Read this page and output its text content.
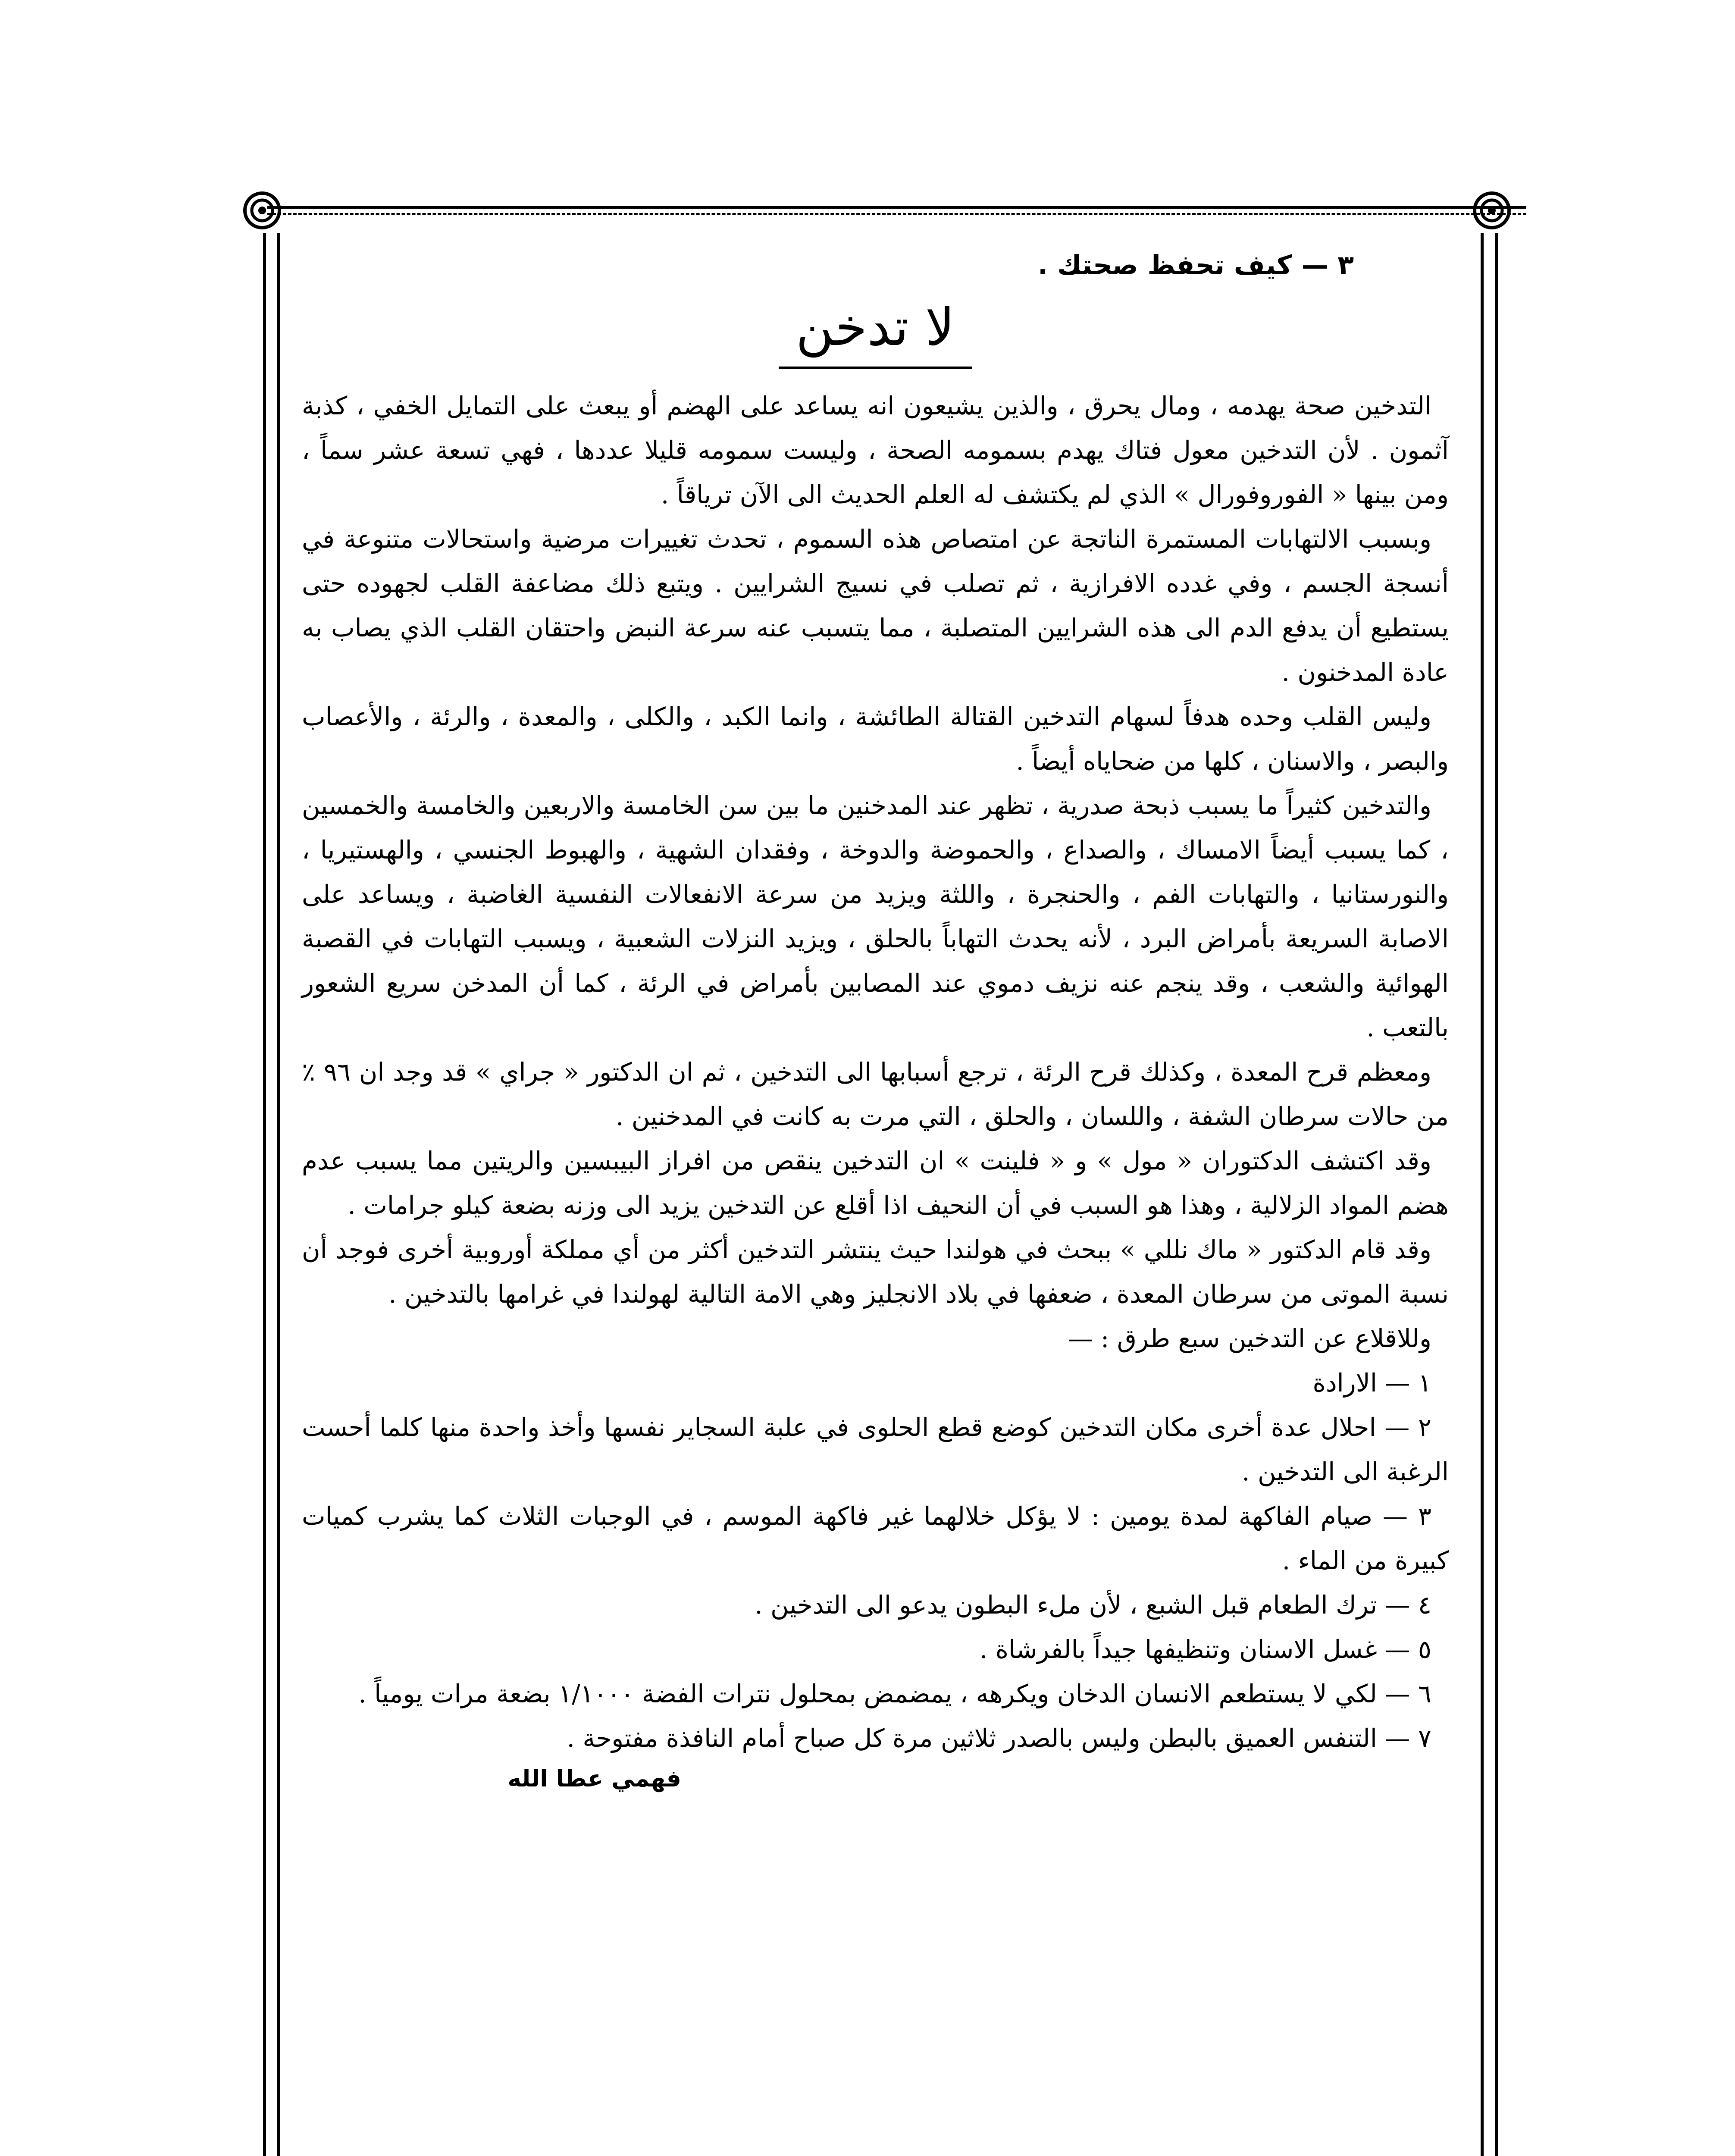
٣ — كيف تحفظ صحتك .
لا تدخن

التدخين صحة يهدمه ، ومال يحرق ، والذين يشيعون انه يساعد على الهضم أو يبعث على التمايل الخفي ، كذبة آثمون . لأن التدخين معول فتاك يهدم بسمومه الصحة ، وليست سمومه قليلا عددها ، فهي تسعة عشر سماً ، ومن بينها « الفوروفورال » الذي لم يكتشف له العلم الحديث الى الآن ترياقاً .

وبسبب الالتهابات المستمرة الناتجة عن امتصاص هذه السموم ، تحدث تغييرات مرضية واستحالات متنوعة في أنسجة الجسم ، وفي غدده الافرازية ، ثم تصلب في نسيج الشرايين . ويتبع ذلك مضاعفة القلب لجهوده حتى يستطيع أن يدفع الدم الى هذه الشرايين المتصلبة ، مما يتسبب عنه سرعة النبض واحتقان القلب الذي يصاب به عادة المدخنون .

وليس القلب وحده هدفاً لسهام التدخين القتالة الطائشة ، وانما الكبد ، والكلى ، والمعدة ، والرئة ، والأعصاب والبصر ، والاسنان ، كلها من ضحاياه أيضاً .

والتدخين كثيراً ما يسبب ذبحة صدرية ، تظهر عند المدخنين ما بين سن الخامسة والاربعين والخامسة والخمسين ، كما يسبب أيضاً الامساك ، والصداع ، والحموضة والدوخة ، وفقدان الشهية ، والهبوط الجنسي ، والهستيريا ، والنورستانيا ، والتهابات الفم ، والحنجرة ، واللثة ويزيد من سرعة الانفعالات النفسية الغاضبة ، ويساعد على الاصابة السريعة بأمراض البرد ، لأنه يحدث التهاباً بالحلق ، ويزيد النزلات الشعبية ، ويسبب التهابات في القصبة الهوائية والشعب ، وقد ينجم عنه نزيف دموي عند المصابين بأمراض في الرئة ، كما أن المدخن سريع الشعور بالتعب .

ومعظم قرح المعدة ، وكذلك قرح الرئة ، ترجع أسبابها الى التدخين ، ثم ان الدكتور « جراي » قد وجد ان ٩٦ ٪ من حالات سرطان الشفة ، واللسان ، والحلق ، التي مرت به كانت في المدخنين .

وقد اكتشف الدكتوران « مول » و « فلينت » ان التدخين ينقص من افراز البيبسين والريتين مما يسبب عدم هضم المواد الزلالية ، وهذا هو السبب في أن النحيف اذا أقلع عن التدخين يزيد الى وزنه بضعة كيلو جرامات .

وقد قام الدكتور « ماك نللي » ببحث في هولندا حيث ينتشر التدخين أكثر من أي مملكة أوروبية أخرى فوجد أن نسبة الموتى من سرطان المعدة ، ضعفها في بلاد الانجليز وهي الامة التالية لهولندا في غرامها بالتدخين .

وللاقلاع عن التدخين سبع طرق : —

١ — الارادة

٢ — احلال عدة أخرى مكان التدخين كوضع قطع الحلوى في علبة السجاير نفسها وأخذ واحدة منها كلما أحست الرغبة الى التدخين .

٣ — صيام الفاكهة لمدة يومين : لا يؤكل خلالهما غير فاكهة الموسم ، في الوجبات الثلاث كما يشرب كميات كبيرة من الماء .

٤ — ترك الطعام قبل الشبع ، لأن ملء البطون يدعو الى التدخين .

٥ — غسل الاسنان وتنظيفها جيداً بالفرشاة .

٦ — لكي لا يستطعم الانسان الدخان ويكرهه ، يمضمض بمحلول نترات الفضة ١/١٠٠٠ بضعة مرات يومياً .

٧ — التنفس العميق بالبطن وليس بالصدر ثلاثين مرة كل صباح أمام النافذة مفتوحة .

فهمي عطا الله
